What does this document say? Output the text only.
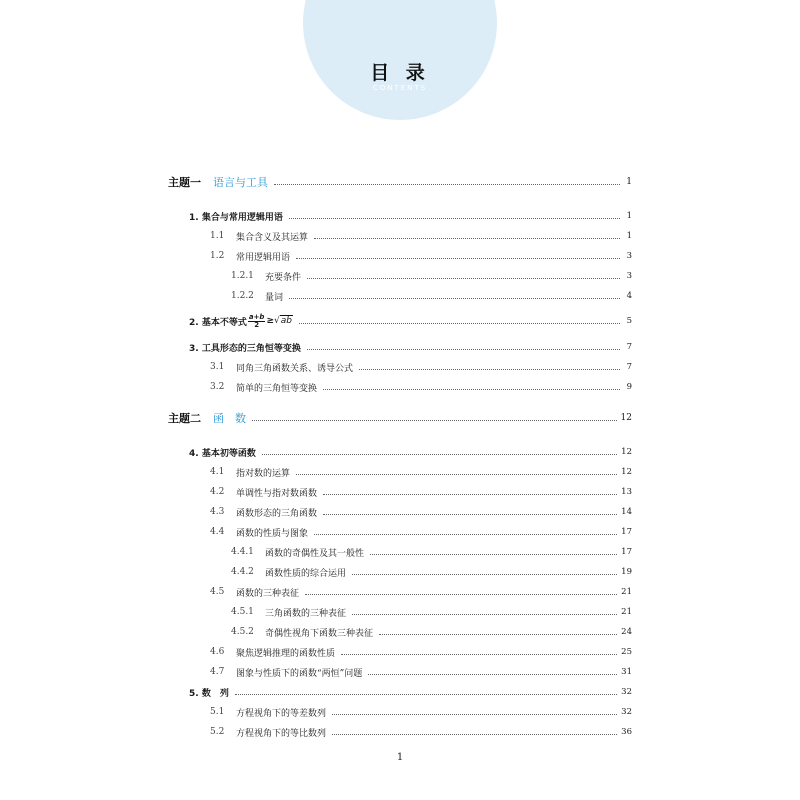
目 录
CONTENTS
主题一 语言与工具	1
1. 集合与常用逻辑用语	1
1.1	集合含义及其运算	1
1.2	常用逻辑用语	3
1.2.1	充要条件	3
1.2.2	量词	4
2. 基本不等式 $\frac{a+b}{2} \ge √ab$	5
3. 工具形态的三角恒等变换	7
3.1	同角三角函数关系、诱导公式	7
3.2	简单的三角恒等变换	9
主题二 函　数	12
4. 基本初等函数	12
4.1	指对数的运算	12
4.2	单调性与指对数函数	13
4.3	函数形态的三角函数	14
4.4	函数的性质与图象	17
4.4.1	函数的奇偶性及其一般性	17
4.4.2	函数性质的综合运用	19
4.5	函数的三种表征	21
4.5.1	三角函数的三种表征	21
4.5.2	奇偶性视角下函数三种表征	24
4.6	聚焦逻辑推理的函数性质	25
4.7	图象与性质下的函数“两恒”问题	31
5. 数　列	32
5.1	方程视角下的等差数列	32
5.2	方程视角下的等比数列	36
1
